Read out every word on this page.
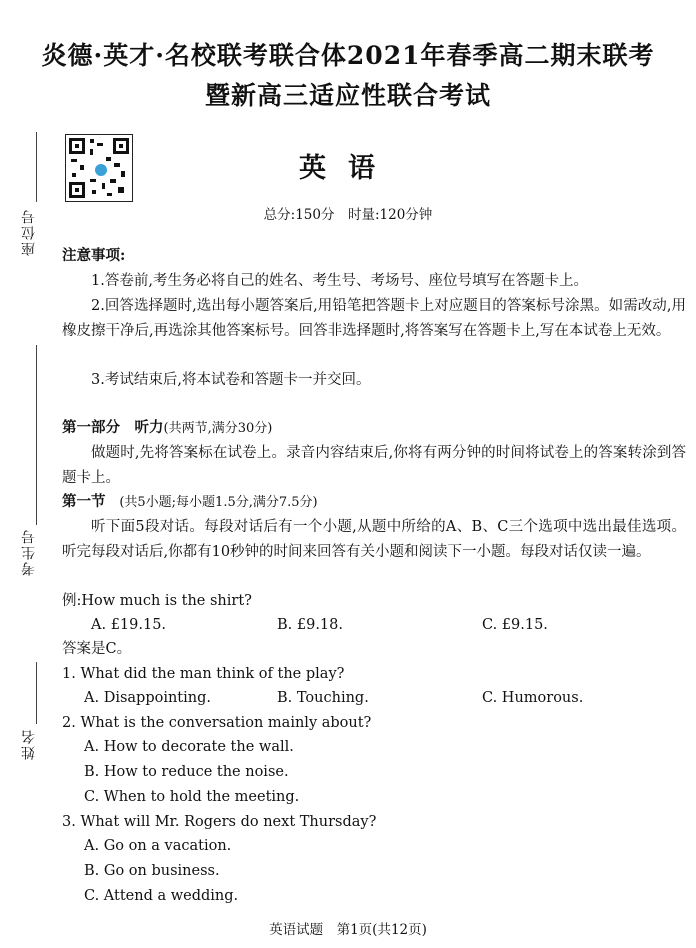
炎德·英才·名校联考联合体2021年春季高二期末联考
暨新高三适应性联合考试
英语
总分:150分　时量:120分钟
座位号
考生号
姓名
注意事项:
1.答卷前,考生务必将自己的姓名、考生号、考场号、座位号填写在答题卡上。
2.回答选择题时,选出每小题答案后,用铅笔把答题卡上对应题目的答案标号涂黑。如需改动,用橡皮擦干净后,再选涂其他答案标号。回答非选择题时,将答案写在答题卡上,写在本试卷上无效。
3.考试结束后,将本试卷和答题卡一并交回。
第一部分　听力(共两节,满分30分)
做题时,先将答案标在试卷上。录音内容结束后,你将有两分钟的时间将试卷上的答案转涂到答题卡上。
第一节 (共5小题;每小题1.5分,满分7.5分)
听下面5段对话。每段对话后有一个小题,从题中所给的A、B、C三个选项中选出最佳选项。听完每段对话后,你都有10秒钟的时间来回答有关小题和阅读下一小题。每段对话仅读一遍。
例:How much is the shirt?
A. £19.15.	B. £9.18.	C. £9.15.
答案是C。
1. What did the man think of the play?
A. Disappointing.	B. Touching.	C. Humorous.
2. What is the conversation mainly about?
A. How to decorate the wall.
B. How to reduce the noise.
C. When to hold the meeting.
3. What will Mr. Rogers do next Thursday?
A. Go on a vacation.
B. Go on business.
C. Attend a wedding.
英语试题　第1页(共12页)
